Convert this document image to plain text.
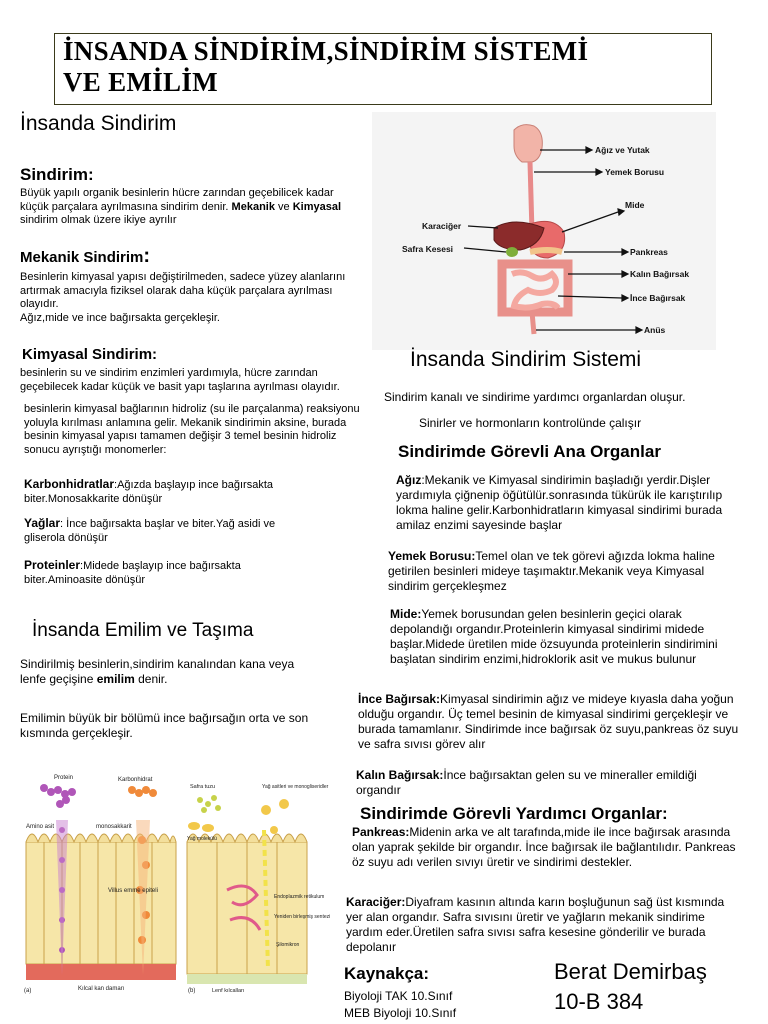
İNSANDA SİNDİRİM,SİNDİRİM SİSTEMİ
VE EMİLİM
İnsanda Sindirim
Sindirim:
Büyük yapılı organik besinlerin hücre zarından geçebilicek kadar küçük parçalara ayrılmasına sindirim denir. Mekanik ve Kimyasal sindirim olmak üzere ikiye ayrılır
Mekanik Sindirim:
Besinlerin kimyasal yapısı değiştirilmeden, sadece yüzey alanlarını artırmak amacıyla fiziksel olarak daha küçük parçalara ayrılması olayıdır.
Ağız,mide ve ince bağırsakta gerçekleşir.
Kimyasal Sindirim:
besinlerin su ve sindirim enzimleri yardımıyla, hücre zarından geçebilecek kadar küçük ve basit yapı taşlarına ayrılması olayıdır.
besinlerin kimyasal bağlarının hidroliz (su ile parçalanma) reaksiyonu yoluyla kırılması anlamına gelir. Mekanik sindirimin aksine, burada besinin kimyasal yapısı tamamen değişir 3 temel besinin hidroliz sonucu ayrıştığı monomerler:
Karbonhidratlar:Ağızda başlayıp ince bağırsakta biter.Monosakkarite dönüşür
Yağlar: İnce bağırsakta başlar ve biter.Yağ asidi ve gliserola dönüşür
Proteinler:Midede başlayıp ince bağırsakta biter.Aminoasite dönüşür
İnsanda Emilim ve Taşıma
Sindirilmiş besinlerin,sindirim kanalından kana veya lenfe geçişine emilim denir.
Emilimin büyük bir bölümü ince bağırsağın orta ve son kısmında gerçekleşir.
Protein	Karbonhidrat
Safra tuzu	Yağ asitleri ve monogliseridler
Amino asit	monosakkarit
Yağ molekülü
Villus emme epiteli
Endoplazmik retikulum
Yeniden birleşmiş sentezi
Şilomikron
Kılcal kan damarı	Lenf kılcalları
(a)	(b)
Ağız ve Yutak
Yemek Borusu
Mide
Karaciğer
Safra Kesesi	Pankreas
Kalın Bağırsak
İnce Bağırsak
Anüs
İnsanda Sindirim Sistemi
Sindirim kanalı ve sindirime yardımcı organlardan oluşur.
Sinirler ve hormonların kontrolünde çalışır
Sindirimde Görevli Ana Organlar
Ağız:Mekanik ve Kimyasal sindirimin başladığı yerdir.Dişler yardımıyla çiğnenip öğütülür.sonrasında tükürük ile karıştırılıp lokma haline gelir.Karbonhidratların kimyasal sindirimi burada amilaz enzimi sayesinde başlar
Yemek Borusu:Temel olan ve tek görevi ağızda lokma haline getirilen besinleri mideye taşımaktır.Mekanik veya Kimyasal sindirim gerçekleşmez
Mide:Yemek borusundan gelen besinlerin geçici olarak depolandığı organdır.Proteinlerin kimyasal sindirimi midede başlar.Midede üretilen mide özsuyunda proteinlerin sindirimini başlatan sindirim enzimi,hidroklorik asit ve mukus bulunur
İnce Bağırsak:Kimyasal sindirimin ağız ve mideye kıyasla daha yoğun olduğu organdır. Üç temel besinin de kimyasal sindirimi gerçekleşir ve burada tamamlanır. Sindirimde ince bağırsak öz suyu,pankreas öz suyu ve safra sıvısı görev alır
Kalın Bağırsak:İnce bağırsaktan gelen su ve mineraller emildiği organdır
Sindirimde Görevli Yardımcı Organlar:
Pankreas:Midenin arka ve alt tarafında,mide ile ince bağırsak arasında olan yaprak şekilde bir organdır. İnce bağırsak ile bağlantılıdır. Pankreas öz suyu adı verilen sıvıyı üretir ve sindirimi destekler.
Karaciğer:Diyafram kasının altında karın boşluğunun sağ üst kısmında yer alan organdır. Safra sıvısını üretir ve yağların mekanik sindirime yardım eder.Üretilen safra sıvısı safra kesesine gönderilir ve burada depolanır
Kaynakça:
Biyoloji TAK 10.Sınıf
MEB Biyoloji 10.Sınıf
Berat Demirbaş
10-B 384
